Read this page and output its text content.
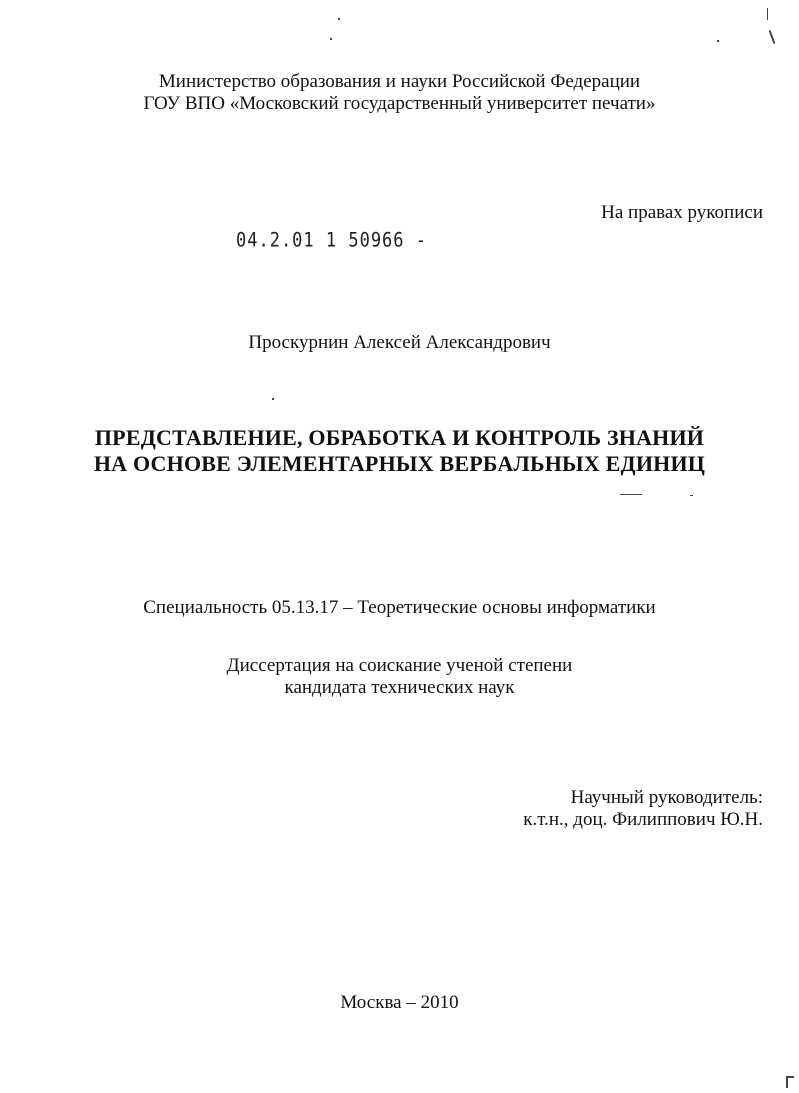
Министерство образования и науки Российской Федерации
ГОУ ВПО «Московский государственный университет печати»
На правах рукописи
04.2.01 1 50966 -
Проскурнин Алексей Александрович
ПРЕДСТАВЛЕНИЕ, ОБРАБОТКА И КОНТРОЛЬ ЗНАНИЙ
НА ОСНОВЕ ЭЛЕМЕНТАРНЫХ ВЕРБАЛЬНЫХ ЕДИНИЦ
Специальность 05.13.17 – Теоретические основы информатики
Диссертация на соискание ученой степени
кандидата технических наук
Научный руководитель:
к.т.н., доц. Филиппович Ю.Н.
Москва – 2010
